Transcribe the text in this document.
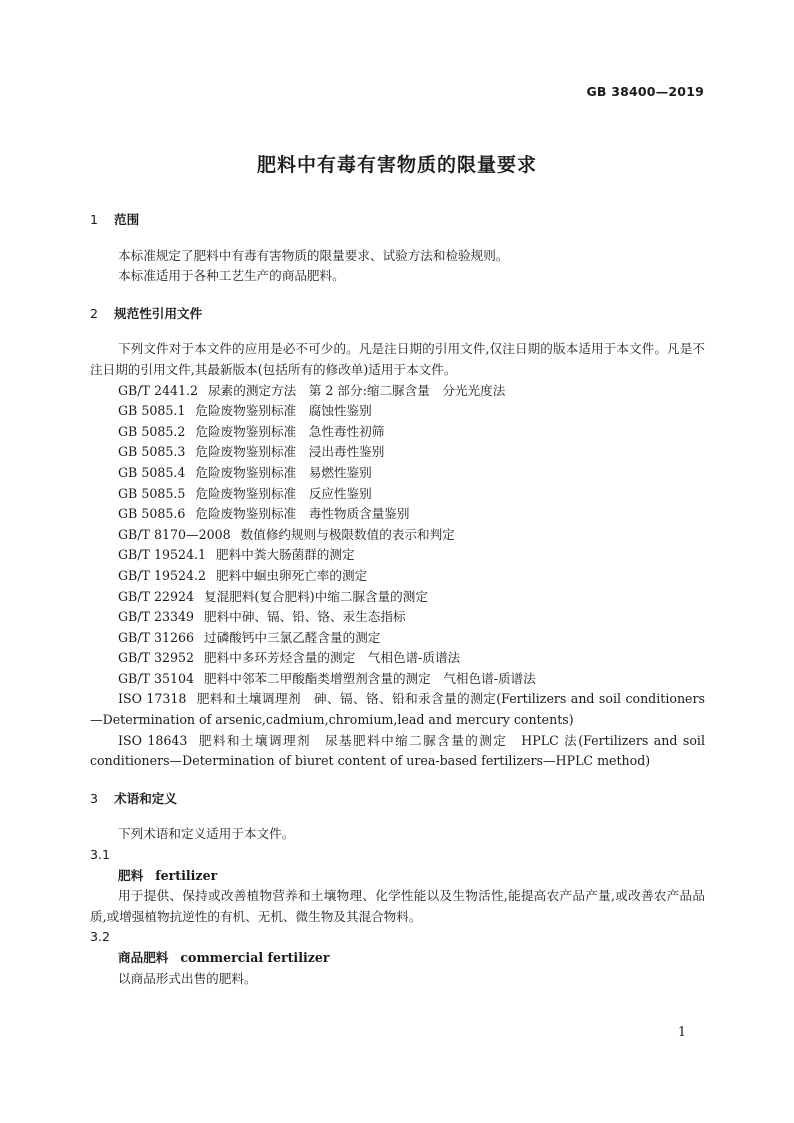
GB 38400—2019
肥料中有毒有害物质的限量要求
1 范围

本标准规定了肥料中有毒有害物质的限量要求、试验方法和检验规则。

本标准适用于各种工艺生产的商品肥料。

2 规范性引用文件

下列文件对于本文件的应用是必不可少的。凡是注日期的引用文件,仅注日期的版本适用于本文件。凡是不注日期的引用文件,其最新版本(包括所有的修改单)适用于本文件。

GB/T 2441.2 尿素的测定方法　第 2 部分:缩二脲含量　分光光度法

GB 5085.1 危险废物鉴别标准　腐蚀性鉴别

GB 5085.2 危险废物鉴别标准　急性毒性初筛

GB 5085.3 危险废物鉴别标准　浸出毒性鉴别

GB 5085.4 危险废物鉴别标准　易燃性鉴别

GB 5085.5 危险废物鉴别标准　反应性鉴别

GB 5085.6 危险废物鉴别标准　毒性物质含量鉴别

GB/T 8170—2008 数值修约规则与极限数值的表示和判定

GB/T 19524.1 肥料中粪大肠菌群的测定

GB/T 19524.2 肥料中蛔虫卵死亡率的测定

GB/T 22924 复混肥料(复合肥料)中缩二脲含量的测定

GB/T 23349 肥料中砷、镉、铅、铬、汞生态指标

GB/T 31266 过磷酸钙中三氯乙醛含量的测定

GB/T 32952 肥料中多环芳烃含量的测定　气相色谱-质谱法

GB/T 35104 肥料中邻苯二甲酸酯类增塑剂含量的测定　气相色谱-质谱法

ISO 17318 肥料和土壤调理剂　砷、镉、铬、铅和汞含量的测定(Fertilizers and soil conditioners—Determination of arsenic,cadmium,chromium,lead and mercury contents)

ISO 18643 肥料和土壤调理剂　尿基肥料中缩二脲含量的测定　HPLC 法(Fertilizers and soil conditioners—Determination of biuret content of urea-based fertilizers—HPLC method)

3 术语和定义

下列术语和定义适用于本文件。

3.1

肥料 fertilizer

用于提供、保持或改善植物营养和土壤物理、化学性能以及生物活性,能提高农产品产量,或改善农产品品质,或增强植物抗逆性的有机、无机、微生物及其混合物料。

3.2

商品肥料 commercial fertilizer

以商品形式出售的肥料。

1
